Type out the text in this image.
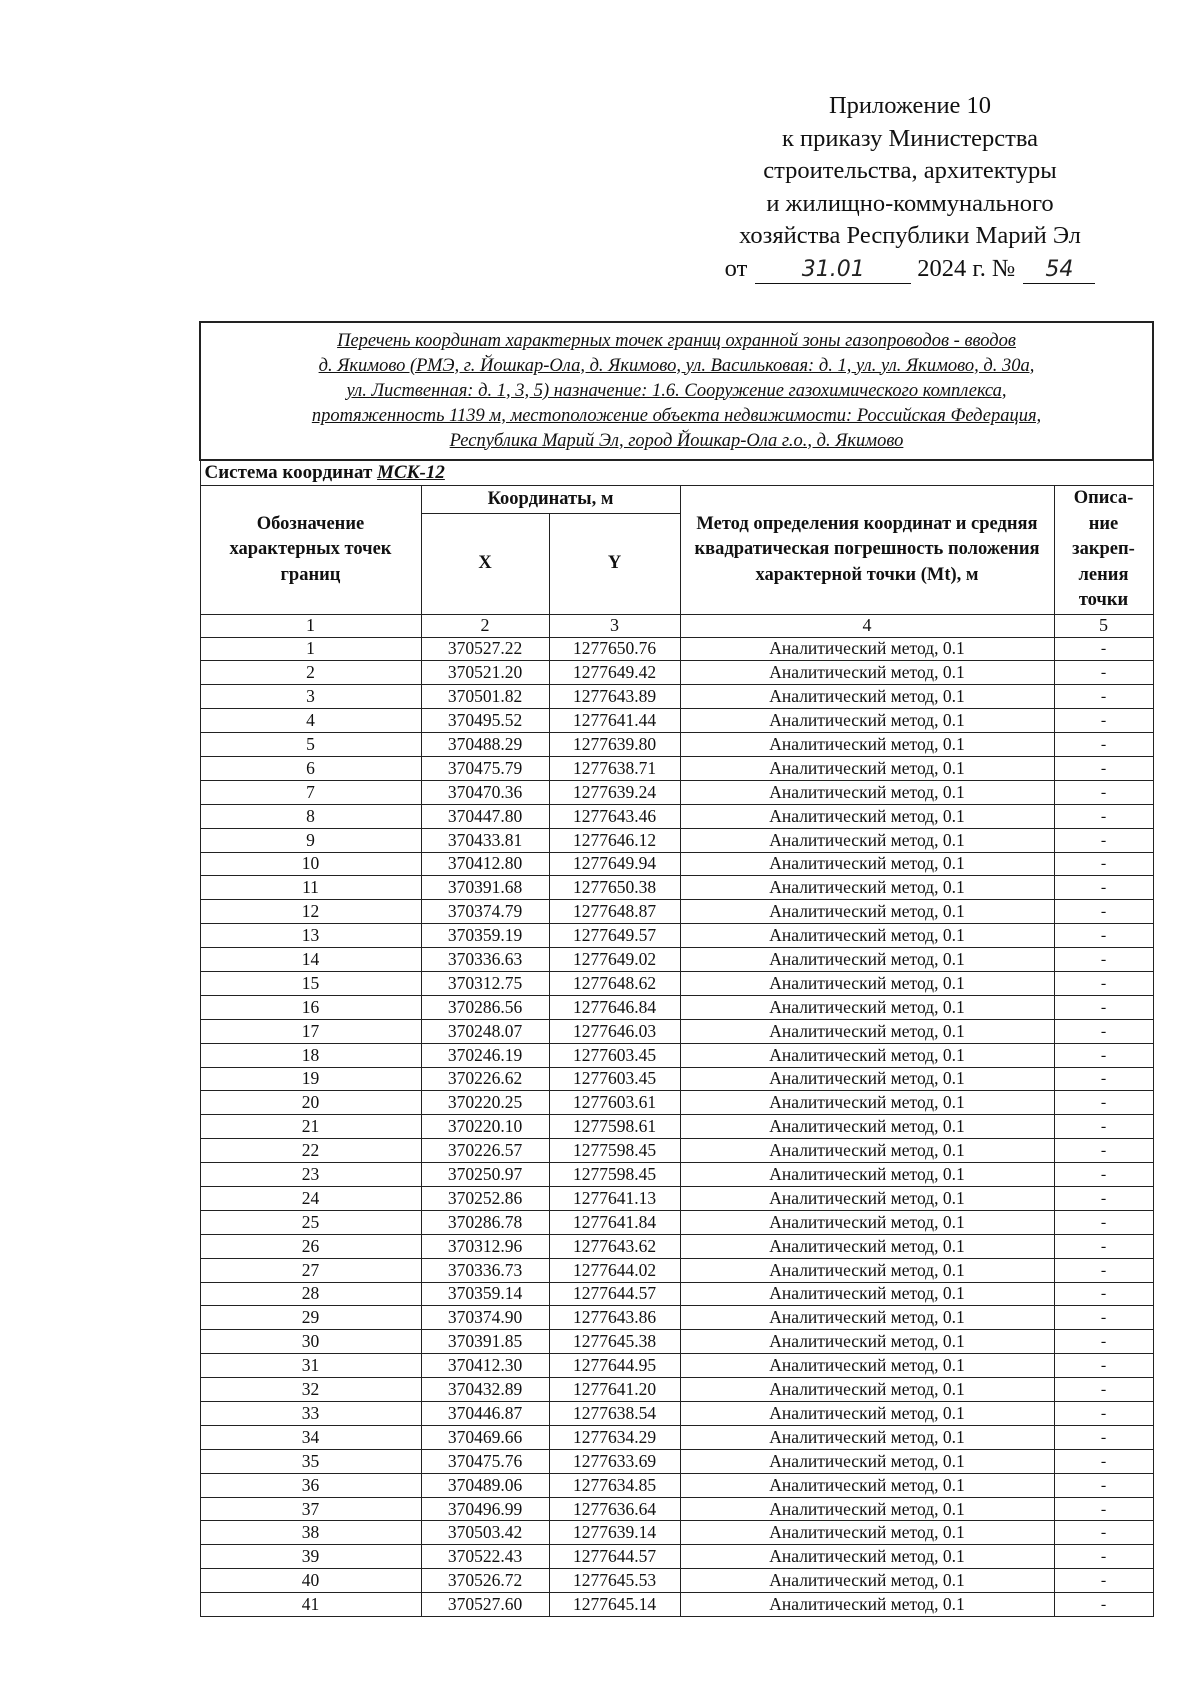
Приложение 10
к приказу Министерства
строительства, архитектуры
и жилищно-коммунального
хозяйства Республики Марий Эл
от	31.01	2024 г. №	54
Перечень координат характерных точек границ охранной зоны газопроводов - вводов
д. Якимово (РМЭ, г. Йошкар-Ола, д. Якимово, ул. Васильковая: д. 1, ул. ул. Якимово, д. 30а,
ул. Лиственная: д. 1, 3, 5) назначение: 1.6. Сооружение газохимического комплекса,
протяженность 1139 м, местоположение объекта недвижимости: Российская Федерация,
Республика Марий Эл, город Йошкар-Ола г.о., д. Якимово				

Система координат МСК-12				
Обозначение характерных точек границ	Координаты, м		Метод определения координат и средняя квадратическая погрешность положения характерной точки (Mt), м	Описа-
ние
закреп-
ления
точки

	X	Y		
1	2	3	4	5
1	370527.22	1277650.76	Аналитический метод, 0.1	-
2	370521.20	1277649.42	Аналитический метод, 0.1	-
3	370501.82	1277643.89	Аналитический метод, 0.1	-
4	370495.52	1277641.44	Аналитический метод, 0.1	-
5	370488.29	1277639.80	Аналитический метод, 0.1	-
6	370475.79	1277638.71	Аналитический метод, 0.1	-
7	370470.36	1277639.24	Аналитический метод, 0.1	-
8	370447.80	1277643.46	Аналитический метод, 0.1	-
9	370433.81	1277646.12	Аналитический метод, 0.1	-
10	370412.80	1277649.94	Аналитический метод, 0.1	-
11	370391.68	1277650.38	Аналитический метод, 0.1	-
12	370374.79	1277648.87	Аналитический метод, 0.1	-
13	370359.19	1277649.57	Аналитический метод, 0.1	-
14	370336.63	1277649.02	Аналитический метод, 0.1	-
15	370312.75	1277648.62	Аналитический метод, 0.1	-
16	370286.56	1277646.84	Аналитический метод, 0.1	-
17	370248.07	1277646.03	Аналитический метод, 0.1	-
18	370246.19	1277603.45	Аналитический метод, 0.1	-
19	370226.62	1277603.45	Аналитический метод, 0.1	-
20	370220.25	1277603.61	Аналитический метод, 0.1	-
21	370220.10	1277598.61	Аналитический метод, 0.1	-
22	370226.57	1277598.45	Аналитический метод, 0.1	-
23	370250.97	1277598.45	Аналитический метод, 0.1	-
24	370252.86	1277641.13	Аналитический метод, 0.1	-
25	370286.78	1277641.84	Аналитический метод, 0.1	-
26	370312.96	1277643.62	Аналитический метод, 0.1	-
27	370336.73	1277644.02	Аналитический метод, 0.1	-
28	370359.14	1277644.57	Аналитический метод, 0.1	-
29	370374.90	1277643.86	Аналитический метод, 0.1	-
30	370391.85	1277645.38	Аналитический метод, 0.1	-
31	370412.30	1277644.95	Аналитический метод, 0.1	-
32	370432.89	1277641.20	Аналитический метод, 0.1	-
33	370446.87	1277638.54	Аналитический метод, 0.1	-
34	370469.66	1277634.29	Аналитический метод, 0.1	-
35	370475.76	1277633.69	Аналитический метод, 0.1	-
36	370489.06	1277634.85	Аналитический метод, 0.1	-
37	370496.99	1277636.64	Аналитический метод, 0.1	-
38	370503.42	1277639.14	Аналитический метод, 0.1	-
39	370522.43	1277644.57	Аналитический метод, 0.1	-
40	370526.72	1277645.53	Аналитический метод, 0.1	-
41	370527.60	1277645.14	Аналитический метод, 0.1	-
